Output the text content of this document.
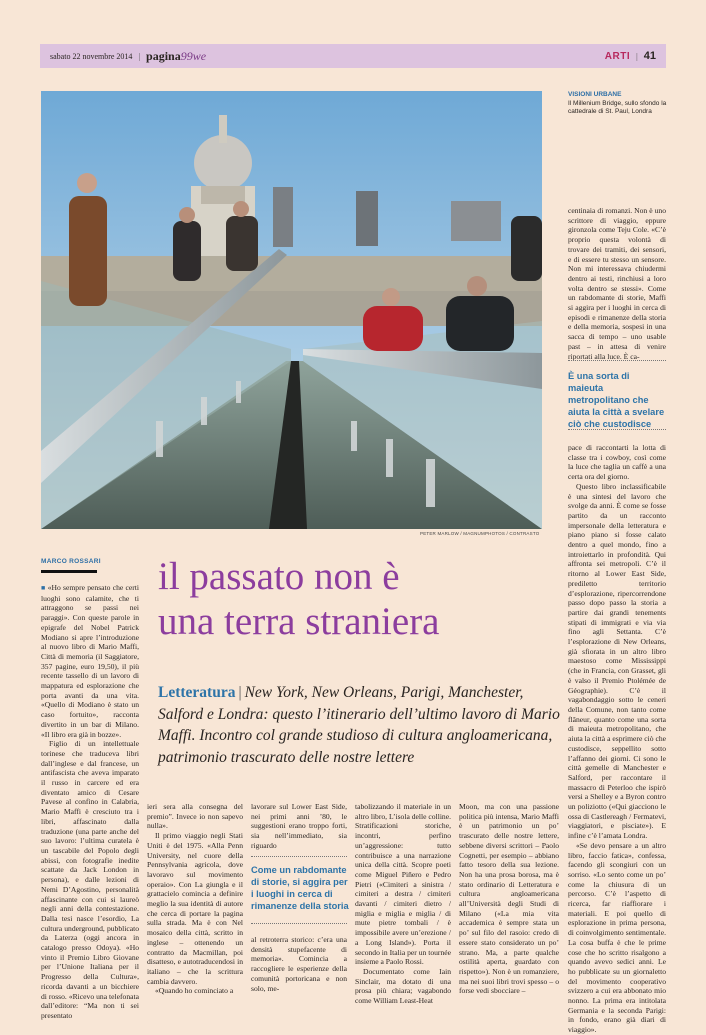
sabato 22 novembre 2014 | pagina99we	ARTI | 41
PETER MARLOW / MAGNUMPHOTOS / CONTRASTO
VISIONI URBANE
Il Millenium Bridge, sullo sfondo la cattedrale di St. Paul, Londra

centinaia di romanzi. Non è uno scrittore di viaggio, eppure gironzola come Teju Cole. «C’è proprio questa volontà di trovare dei tramiti, dei sensori, e di essere tu stesso un sensore. Non mi interessava chiudermi dentro ai testi, rinchiusi a loro volta dentro se stessi». Come un rabdomante di storie, Maffi si aggira per i luoghi in cerca di episodi e rimanenze della storia e della memoria, sospesi in una sacca di tempo – uno usable past – in attesa di venire riportati alla luce. È ca-

È una sorta di maieuta metropolitano che aiuta la città a svelare ciò che custodisce

pace di raccontarti la lotta di classe tra i cowboy, così come la luce che taglia un caffè a una certa ora del giorno.

Questo libro inclassificabile è una sintesi del lavoro che svolge da anni. È come se fosse partito da un racconto impersonale della letteratura e piano piano si fosse calato dentro a quel mondo, fino a introiettarlo in profondità. Qui affronta sei metropoli. C’è il ritorno al Lower East Side, prediletto territorio d’esplorazione, ripercorrendone passo dopo passo la storia a partire dai grandi tenements stipati di immigrati e via via fino agli Settanta. C’è l’esplorazione di New Orleans, già sfiorata in un altro libro maestoso come Mississippi (che in Francia, con Grasset, gli è valso il Premio Ptolémée de Géographie). C’è il vagabondaggio sotto le ceneri della Comune, non tanto come flâneur, quanto come una sorta di maieuta metropolitano, che aiuta la città a esprimere ciò che custodisce, seppellito sotto l’affanno dei giorni. Ci sono le città gemelle di Manchester e Salford, per raccontare il massacro di Peterloo che ispirò versi a Shelley e a Byron contro un poliziotto («Qui giacciono le ossa di Castlereagh / Fermatevi, viaggiatori, e pisciate»). E infine c’è l’amata Londra.

«Se devo pensare a un altro libro, faccio fatica», confessa, facendo gli scongiuri con un sorriso. «Lo sento come un po’ come la chiusura di un percorso. C’è l’aspetto di ricerca, far riaffiorare i materiali. E poi quello di esplorazione in prima persona, di coinvolgimento sentimentale. La cosa buffa è che le prime cose che ho scritto risalgono a quando avevo sedici anni. Le ho pubblicate su un giornaletto del movimento cooperativo svizzero a cui era abbonato mio nonno. La prima era intitolata Germania e la seconda Parigi: in fondo, erano già diari di viaggio».

MARCO ROSSARI il passato non è
una terra straniera
Letteratura | New York, New Orleans, Parigi, Manchester, Salford e Londra: questo l’itinerario dell’ultimo lavoro di Mario Maffi. Incontro col grande studioso di cultura angloamericana, patrimonio trascurato delle nostre lettere

■ «Ho sempre pensato che certi luoghi sono calamite, che ti attraggono se passi nei paraggi». Con queste parole in epigrafe del Nobel Patrick Modiano si apre l’introduzione al nuovo libro di Mario Maffi, Città di memoria (il Saggiatore, 357 pagine, euro 19,50), il più recente tassello di un lavoro di mappatura ed esplorazione che porta avanti da una vita. «Quello di Modiano è stato un caso fortuito», racconta divertito in un bar di Milano. «Il libro era già in bozze».

Figlio di un intellettuale torinese che traduceva libri dall’inglese e dal francese, un antifascista che aveva imparato il russo in carcere ed era diventato amico di Cesare Pavese al confino in Calabria, Mario Maffi è cresciuto tra i libri, affascinato dalla traduzione (una parte anche del suo lavoro: l’ultima curatela è un tascabile del Popolo degli abissi, con fotografie inedite scattate da Jack London in persona), e dalle lezioni di Nemi D’Agostino, personalità affascinante con cui si laureò negli anni della contestazione. Dalla tesi nasce l’esordio, La cultura underground, pubblicato da Laterza (oggi ancora in catalogo presso Odoya). «Ho vinto il Premio Libro Giovane per l’Unione Italiana per il Progresso della Cultura», ricorda davanti a un bicchiere di rosso. «Ricevo una telefonata dall’editore: “Ma non ti sei presentato

ieri sera alla consegna del premio”. Invece io non sapevo nulla».

Il primo viaggio negli Stati Uniti è del 1975. «Alla Penn University, nel cuore della Pennsylvania agricola, dove lavoravo sul movimento operaio». Con La giungla e il grattacielo comincia a definire meglio la sua identità di autore che cerca di portare la pagina sulla strada. Ma è con Nel mosaico della città, scritto in inglese – ottenendo un contratto da Macmillan, poi disatteso, e autotraducendosi in italiano – che la scrittura cambia davvero.

«Quando ho cominciato a

lavorare sul Lower East Side, nei primi anni ’80, le suggestioni erano troppo forti, sia nell’immediato, sia riguardo

Come un rabdomante di storie, si aggira per i luoghi in cerca di rimanenze della storia

al retroterra storico: c’era una densità stupefacente di memoria». Comincia a raccogliere le esperienze della comunità portoricana e non solo, me-

tabolizzando il materiale in un altro libro, L’isola delle colline. Stratificazioni storiche, incontri, perfino un’aggressione: tutto contribuisce a una narrazione unica della città. Scopre poeti come Miguel Piñero e Pedro Pietri («Cimiteri a sinistra / cimiteri a destra / cimiteri davanti / cimiteri dietro / miglia e miglia e miglia / di mute pietre tombali / è impossibile avere un’erezione / a Long Island»). Porta il secondo in Italia per un tournée insieme a Paolo Rossi.

Documentato come Iain Sinclair, ma dotato di una prosa più chiara; vagabondo come William Least-Heat

Moon, ma con una passione politica più intensa, Mario Maffi è un patrimonio un po’ trascurato delle nostre lettere, sebbene diversi scrittori – Paolo Cognetti, per esempio – abbiano fatto tesoro della sua lezione. Non ha una prosa borosa, ma è stato ordinario di Letteratura e cultura angloamericana all’Università degli Studi di Milano («La mia vita accademica è sempre stata un po’ sul filo del rasoio: credo di essere stato considerato un po’ strano. Ma, a parte qualche ostilità aperta, guardato con rispetto»). Non è un romanziere, ma nei suoi libri trovi spesso – o forse vedi sbocciare –
